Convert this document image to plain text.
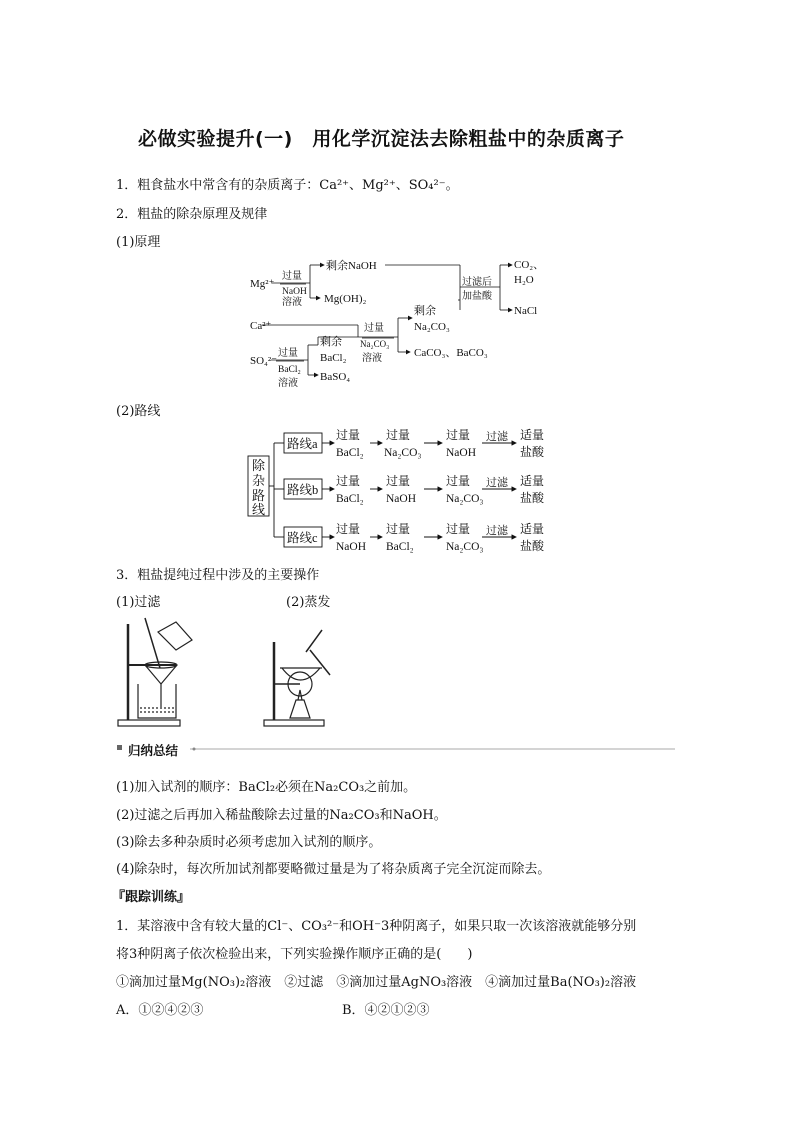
必做实验提升(一)　用化学沉淀法去除粗盐中的杂质离子
1．粗食盐水中常含有的杂质离子：Ca²⁺、Mg²⁺、SO₄²⁻。
2．粗盐的除杂原理及规律
(1)原理
Mg²⁺
过量
NaOH
溶液
剩余NaOH
Mg(OH)₂
过滤后
加盐酸
CO₂、
H₂O
NaCl
Ca²⁺
SO₄²⁻
过量
BaCl₂
溶液
剩余
BaCl₂
BaSO₄
过量
Na₂CO₃
溶液
剩余
Na₂CO₃
CaCO₃、BaCO₃
(2)路线
除
杂
路
线
路线a
过量
BaCl₂
过量
Na₂CO₃
过量
NaOH
过滤 适量
盐酸
路线b
过量
BaCl₂
过量
NaOH
过量
Na₂CO₃
过滤 适量
盐酸
路线c
过量
NaOH
过量
BaCl₂
过量
Na₂CO₃
过滤 适量
盐酸
3．粗盐提纯过程中涉及的主要操作
(1)过滤	(2)蒸发
归纳总结
(1)加入试剂的顺序：BaCl₂必须在Na₂CO₃之前加。
(2)过滤之后再加入稀盐酸除去过量的Na₂CO₃和NaOH。
(3)除去多种杂质时必须考虑加入试剂的顺序。
(4)除杂时，每次所加试剂都要略微过量是为了将杂质离子完全沉淀而除去。
『跟踪训练』
1．某溶液中含有较大量的Cl⁻、CO₃²⁻和OH⁻3种阴离子，如果只取一次该溶液就能够分别
将3种阴离子依次检验出来，下列实验操作顺序正确的是(　　)
①滴加过量Mg(NO₃)₂溶液　②过滤　③滴加过量AgNO₃溶液　④滴加过量Ba(NO₃)₂溶液
A．①②④②③	B．④②①②③
